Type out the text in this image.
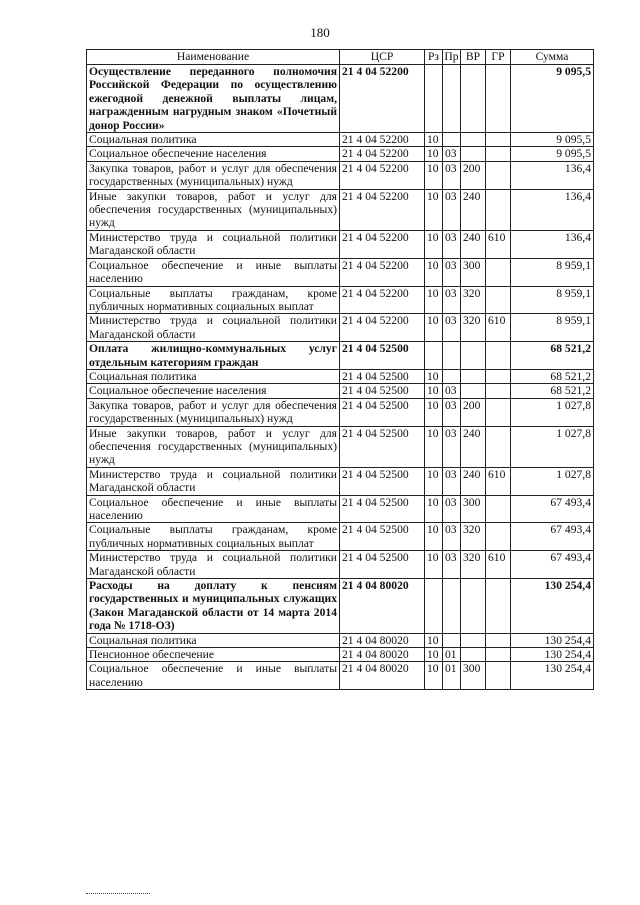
180
Наименование	ЦСР	Рз	Пр	ВР	ГР	Сумма
Осуществление переданного полномочия Российской Федерации по осуществлению ежегодной денежной выплаты лицам, награжденным нагрудным знаком «Почетный донор России»	21 4 04 52200					9 095,5
Социальная политика	21 4 04 52200	10				9 095,5
Социальное обеспечение населения	21 4 04 52200	10	03			9 095,5
Закупка товаров, работ и услуг для обеспечения государственных (муниципальных) нужд	21 4 04 52200	10	03	200		136,4
Иные закупки товаров, работ и услуг для обеспечения государственных (муниципальных) нужд	21 4 04 52200	10	03	240		136,4
Министерство труда и социальной политики Магаданской области	21 4 04 52200	10	03	240	610	136,4
Социальное обеспечение и иные выплаты населению	21 4 04 52200	10	03	300		8 959,1
Социальные выплаты гражданам, кроме публичных нормативных социальных выплат	21 4 04 52200	10	03	320		8 959,1
Министерство труда и социальной политики Магаданской области	21 4 04 52200	10	03	320	610	8 959,1
Оплата жилищно-коммунальных услуг отдельным категориям граждан	21 4 04 52500					68 521,2
Социальная политика	21 4 04 52500	10				68 521,2
Социальное обеспечение населения	21 4 04 52500	10	03			68 521,2
Закупка товаров, работ и услуг для обеспечения государственных (муниципальных) нужд	21 4 04 52500	10	03	200		1 027,8
Иные закупки товаров, работ и услуг для обеспечения государственных (муниципальных) нужд	21 4 04 52500	10	03	240		1 027,8
Министерство труда и социальной политики Магаданской области	21 4 04 52500	10	03	240	610	1 027,8
Социальное обеспечение и иные выплаты населению	21 4 04 52500	10	03	300		67 493,4
Социальные выплаты гражданам, кроме публичных нормативных социальных выплат	21 4 04 52500	10	03	320		67 493,4
Министерство труда и социальной политики Магаданской области	21 4 04 52500	10	03	320	610	67 493,4
Расходы на доплату к пенсиям государственных и муниципальных служащих (Закон Магаданской области от 14 марта 2014 года № 1718-ОЗ)	21 4 04 80020					130 254,4
Социальная политика	21 4 04 80020	10				130 254,4
Пенсионное обеспечение	21 4 04 80020	10	01			130 254,4
Социальное обеспечение и иные выплаты населению	21 4 04 80020	10	01	300		130 254,4
